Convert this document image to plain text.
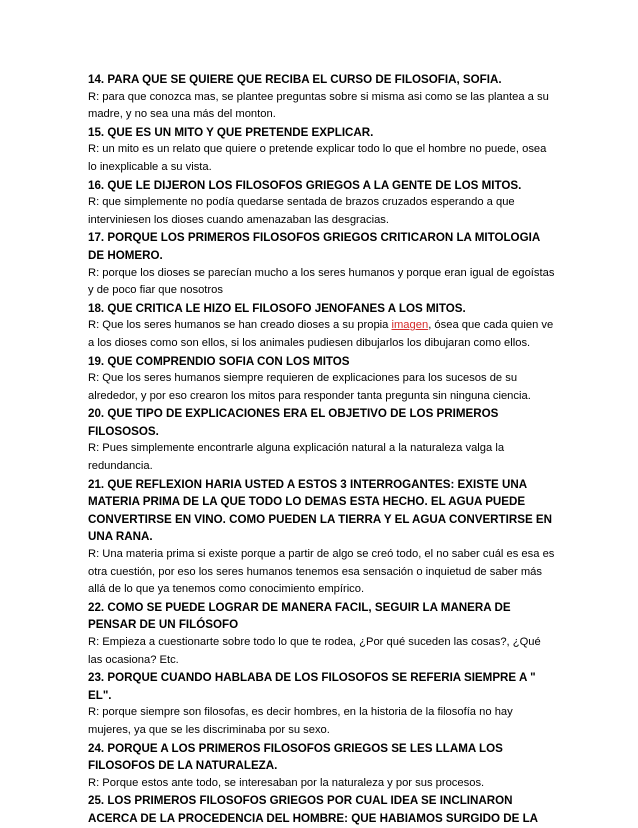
14. PARA QUE SE QUIERE QUE RECIBA EL CURSO DE FILOSOFIA, SOFIA.

R: para que conozca mas, se plantee preguntas sobre si misma asi como se las plantea a su madre, y no sea una más del monton.

15. QUE ES UN MITO Y QUE PRETENDE EXPLICAR.

R: un mito es un relato que quiere o pretende explicar todo lo que el hombre no puede, osea lo inexplicable a su vista.

16. QUE LE DIJERON LOS FILOSOFOS GRIEGOS A LA GENTE DE LOS MITOS.

R: que simplemente no podía quedarse sentada de brazos cruzados esperando a que interviniesen los dioses cuando amenazaban las desgracias.

17. PORQUE LOS PRIMEROS FILOSOFOS GRIEGOS CRITICARON LA MITOLOGIA DE HOMERO.

R: porque los dioses se parecían mucho a los seres humanos y porque eran igual de egoístas y de poco fiar que nosotros

18. QUE CRITICA LE HIZO EL FILOSOFO JENOFANES A LOS MITOS.

R: Que los seres humanos se han creado dioses a su propia imagen, ósea que cada quien ve a los dioses como son ellos, si los animales pudiesen dibujarlos los dibujaran como ellos.

19. QUE COMPRENDIO SOFIA CON LOS MITOS

R: Que los seres humanos siempre requieren de explicaciones para los sucesos de su alrededor, y por eso crearon los mitos para responder tanta pregunta sin ninguna ciencia.

20. QUE TIPO DE EXPLICACIONES ERA EL OBJETIVO DE LOS PRIMEROS FILOSOSOS.

R: Pues simplemente encontrarle alguna explicación natural a la naturaleza valga la redundancia.

21. QUE REFLEXION HARIA USTED A ESTOS 3 INTERROGANTES: EXISTE UNA MATERIA PRIMA DE LA QUE TODO LO DEMAS ESTA HECHO. EL AGUA PUEDE CONVERTIRSE EN VINO. COMO PUEDEN LA TIERRA Y EL AGUA CONVERTIRSE EN UNA RANA.

R: Una materia prima si existe porque a partir de algo se creó todo, el no saber cuál es esa es otra cuestión, por eso los seres humanos tenemos esa sensación o inquietud de saber más allá de lo que ya tenemos como conocimiento empírico.

22. COMO SE PUEDE LOGRAR DE MANERA FACIL, SEGUIR LA MANERA DE PENSAR DE UN FILÓSOFO

R: Empieza a cuestionarte sobre todo lo que te rodea, ¿Por qué suceden las cosas?, ¿Qué las ocasiona? Etc.

23. PORQUE CUANDO HABLABA DE LOS FILOSOFOS SE REFERIA SIEMPRE A " EL".

R: porque siempre son filosofas, es decir hombres, en la historia de la filosofía no hay mujeres, ya que se les discriminaba por su sexo.

24. PORQUE A LOS PRIMEROS FILOSOFOS GRIEGOS SE LES LLAMA LOS FILOSOFOS DE LA NATURALEZA.

R: Porque estos ante todo, se interesaban por la naturaleza y por sus procesos.

25. LOS PRIMEROS FILOSOFOS GRIEGOS POR CUAL IDEA SE INCLINARON ACERCA DE LA PROCEDENCIA DEL HOMBRE: QUE HABIAMOS SURGIDO DE LA
